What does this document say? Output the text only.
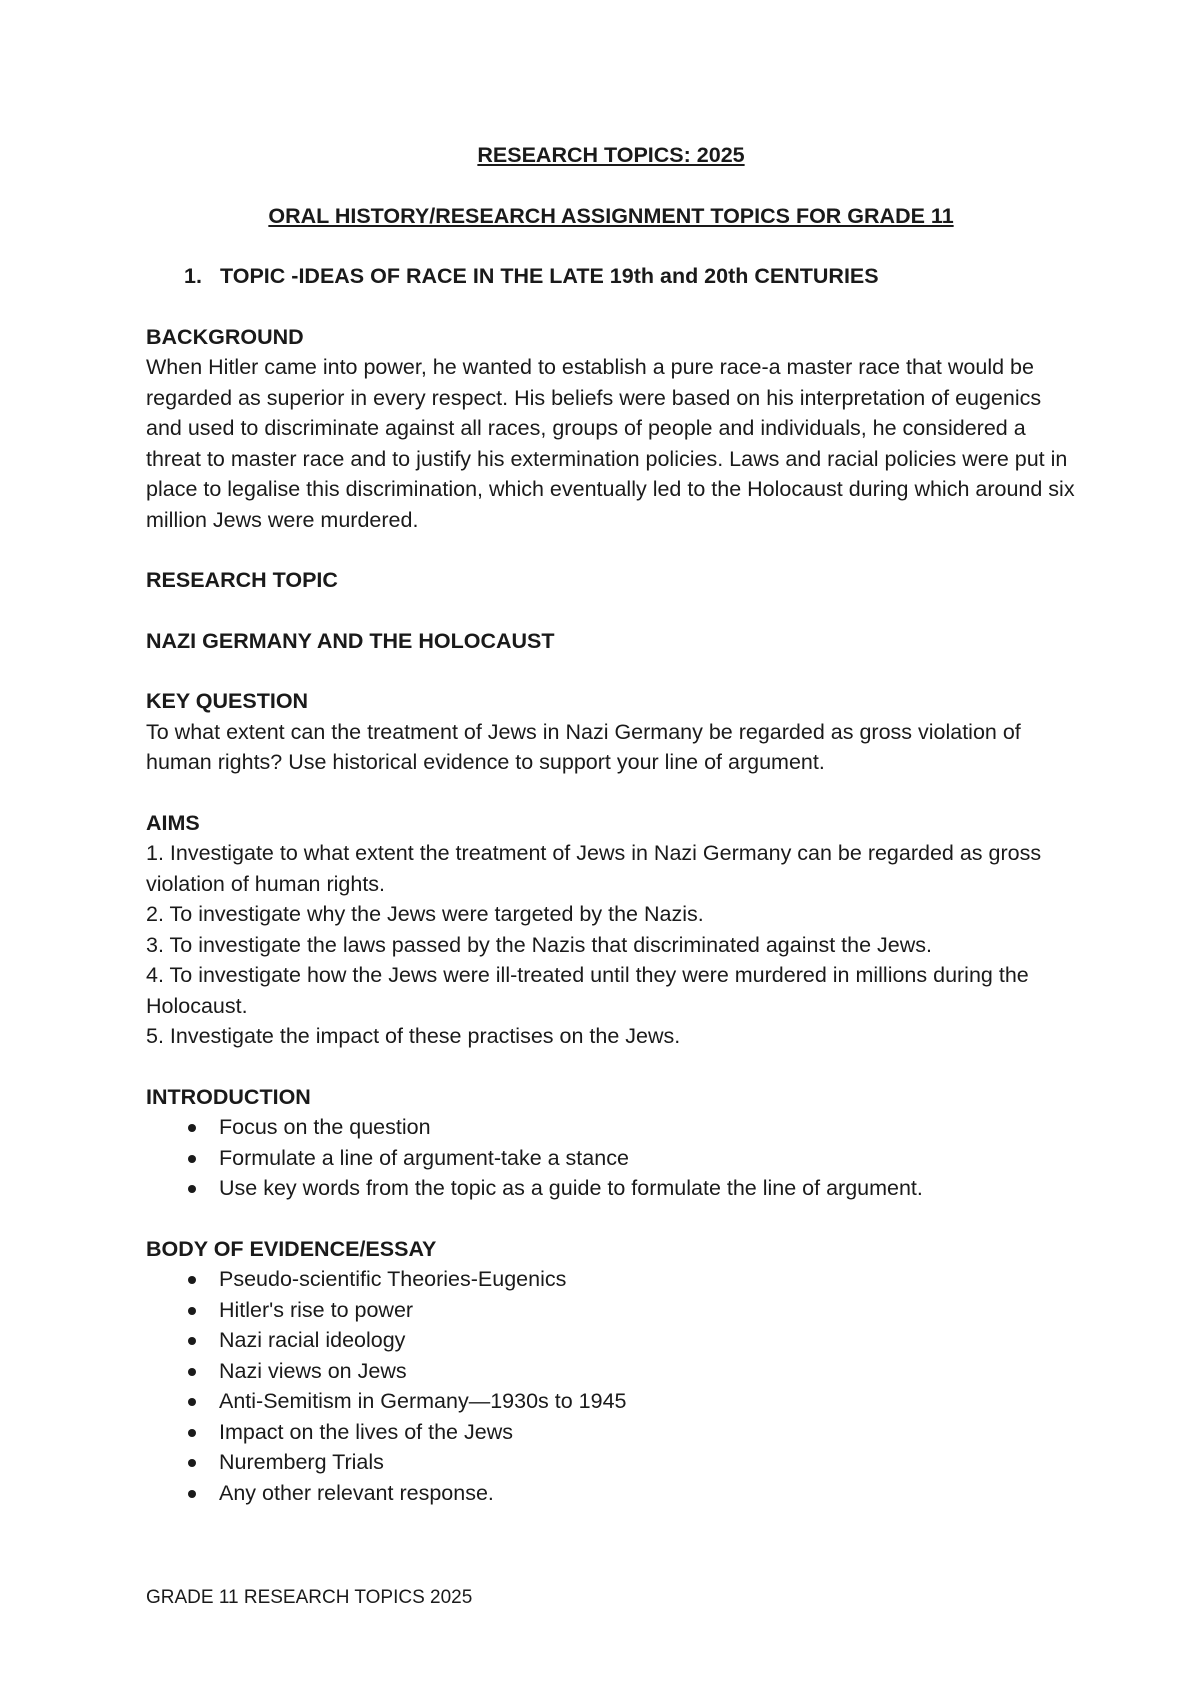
RESEARCH TOPICS: 2025

ORAL HISTORY/RESEARCH ASSIGNMENT TOPICS FOR GRADE 11

1. TOPIC -IDEAS OF RACE IN THE LATE 19th and 20th CENTURIES

BACKGROUND

When Hitler came into power, he wanted to establish a pure race-a master race that would be regarded as superior in every respect. His beliefs were based on his interpretation of eugenics and used to discriminate against all races, groups of people and individuals, he considered a threat to master race and to justify his extermination policies. Laws and racial policies were put in place to legalise this discrimination, which eventually led to the Holocaust during which around six million Jews were murdered.

RESEARCH TOPIC

NAZI GERMANY AND THE HOLOCAUST

KEY QUESTION

To what extent can the treatment of Jews in Nazi Germany be regarded as gross violation of human rights? Use historical evidence to support your line of argument.

AIMS

1. Investigate to what extent the treatment of Jews in Nazi Germany can be regarded as gross violation of human rights.

2. To investigate why the Jews were targeted by the Nazis.

3. To investigate the laws passed by the Nazis that discriminated against the Jews.

4. To investigate how the Jews were ill-treated until they were murdered in millions during the Holocaust.

5. Investigate the impact of these practises on the Jews.

INTRODUCTION

Focus on the question
Formulate a line of argument-take a stance
Use key words from the topic as a guide to formulate the line of argument.

BODY OF EVIDENCE/ESSAY

Pseudo-scientific Theories-Eugenics
Hitler's rise to power
Nazi racial ideology
Nazi views on Jews
Anti-Semitism in Germany—1930s to 1945
Impact on the lives of the Jews
Nuremberg Trials
Any other relevant response.
GRADE 11 RESEARCH TOPICS 2025
